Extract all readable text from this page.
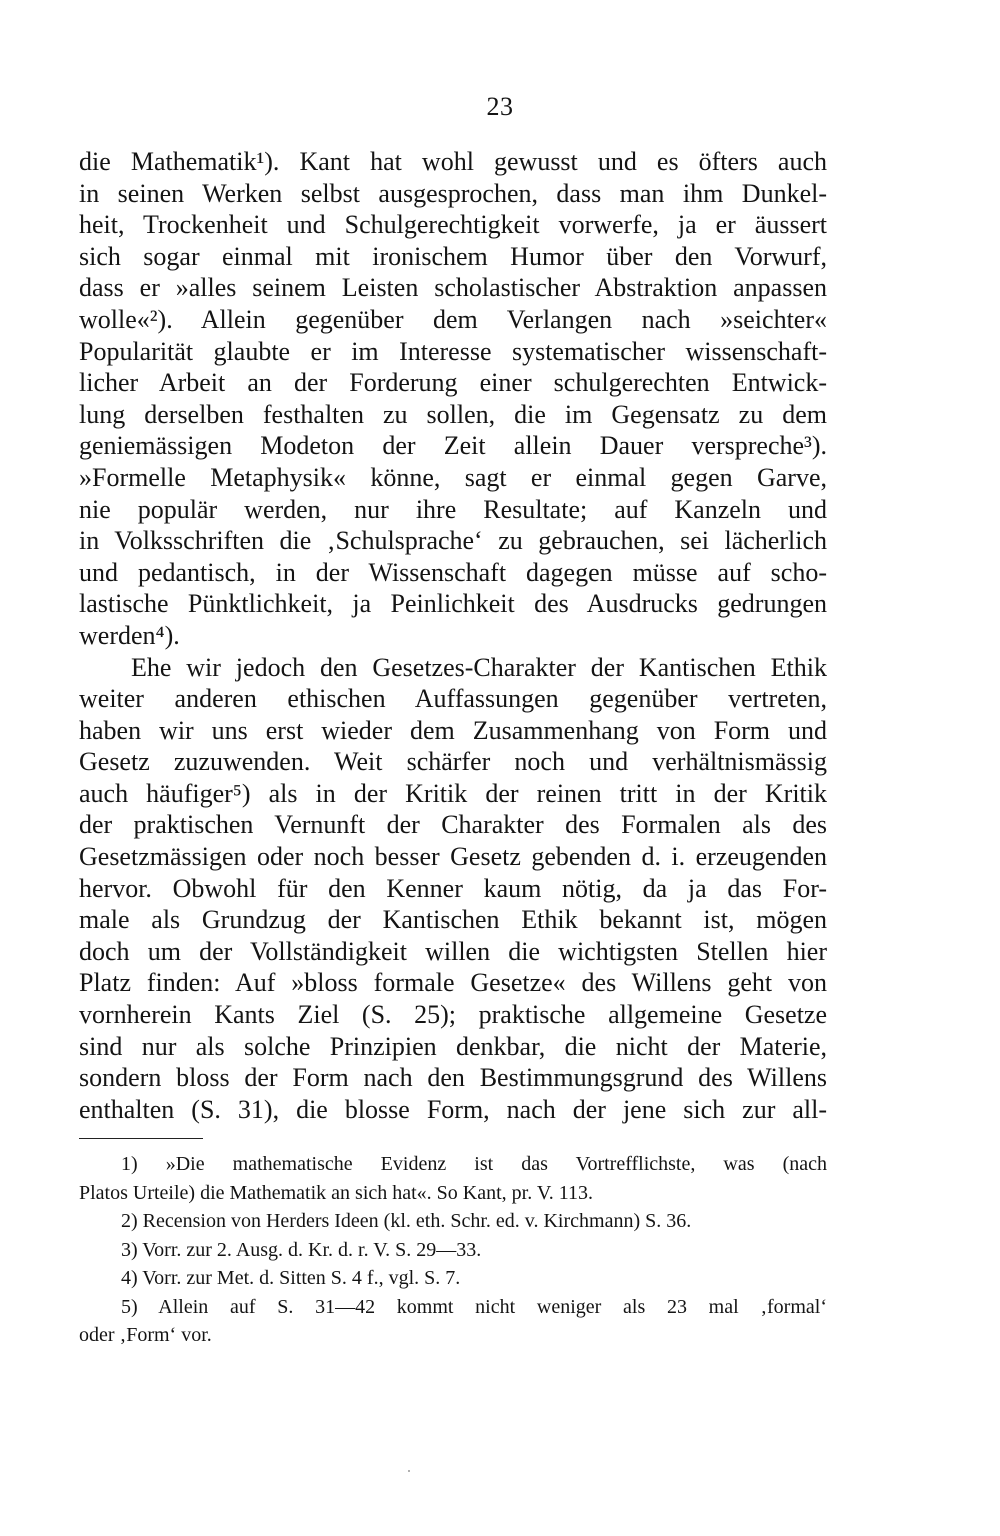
23
die Mathematik¹). Kant hat wohl gewusst und es öfters auch
in seinen Werken selbst ausgesprochen, dass man ihm Dunkel-
heit, Trockenheit und Schulgerechtigkeit vorwerfe, ja er äussert
sich sogar einmal mit ironischem Humor über den Vorwurf,
dass er »alles seinem Leisten scholastischer Abstraktion anpassen
wolle«²). Allein gegenüber dem Verlangen nach »seichter«
Popularität glaubte er im Interesse systematischer wissenschaft-
licher Arbeit an der Forderung einer schulgerechten Entwick-
lung derselben festhalten zu sollen, die im Gegensatz zu dem
geniemässigen Modeton der Zeit allein Dauer verspreche³).
»Formelle Metaphysik« könne, sagt er einmal gegen Garve,
nie populär werden, nur ihre Resultate; auf Kanzeln und
in Volksschriften die ‚Schulsprache‘ zu gebrauchen, sei lächerlich
und pedantisch, in der Wissenschaft dagegen müsse auf scho-
lastische Pünktlichkeit, ja Peinlichkeit des Ausdrucks gedrungen
werden⁴).
Ehe wir jedoch den Gesetzes-Charakter der Kantischen Ethik
weiter anderen ethischen Auffassungen gegenüber vertreten,
haben wir uns erst wieder dem Zusammenhang von Form und
Gesetz zuzuwenden. Weit schärfer noch und verhältnismässig
auch häufiger⁵) als in der Kritik der reinen tritt in der Kritik
der praktischen Vernunft der Charakter des Formalen als des
Gesetzmässigen oder noch besser Gesetz gebenden d. i. erzeugenden
hervor. Obwohl für den Kenner kaum nötig, da ja das For-
male als Grundzug der Kantischen Ethik bekannt ist, mögen
doch um der Vollständigkeit willen die wichtigsten Stellen hier
Platz finden: Auf »bloss formale Gesetze« des Willens geht von
vornherein Kants Ziel (S. 25); praktische allgemeine Gesetze
sind nur als solche Prinzipien denkbar, die nicht der Materie,
sondern bloss der Form nach den Bestimmungsgrund des Willens
enthalten (S. 31), die blosse Form, nach der jene sich zur all-
1) »Die mathematische Evidenz ist das Vortrefflichste, was (nach
Platos Urteile) die Mathematik an sich hat«. So Kant, pr. V. 113.
2) Recension von Herders Ideen (kl. eth. Schr. ed. v. Kirchmann) S. 36.
3) Vorr. zur 2. Ausg. d. Kr. d. r. V. S. 29—33.
4) Vorr. zur Met. d. Sitten S. 4 f., vgl. S. 7.
5) Allein auf S. 31—42 kommt nicht weniger als 23 mal ‚formal‘
oder ‚Form‘ vor.
